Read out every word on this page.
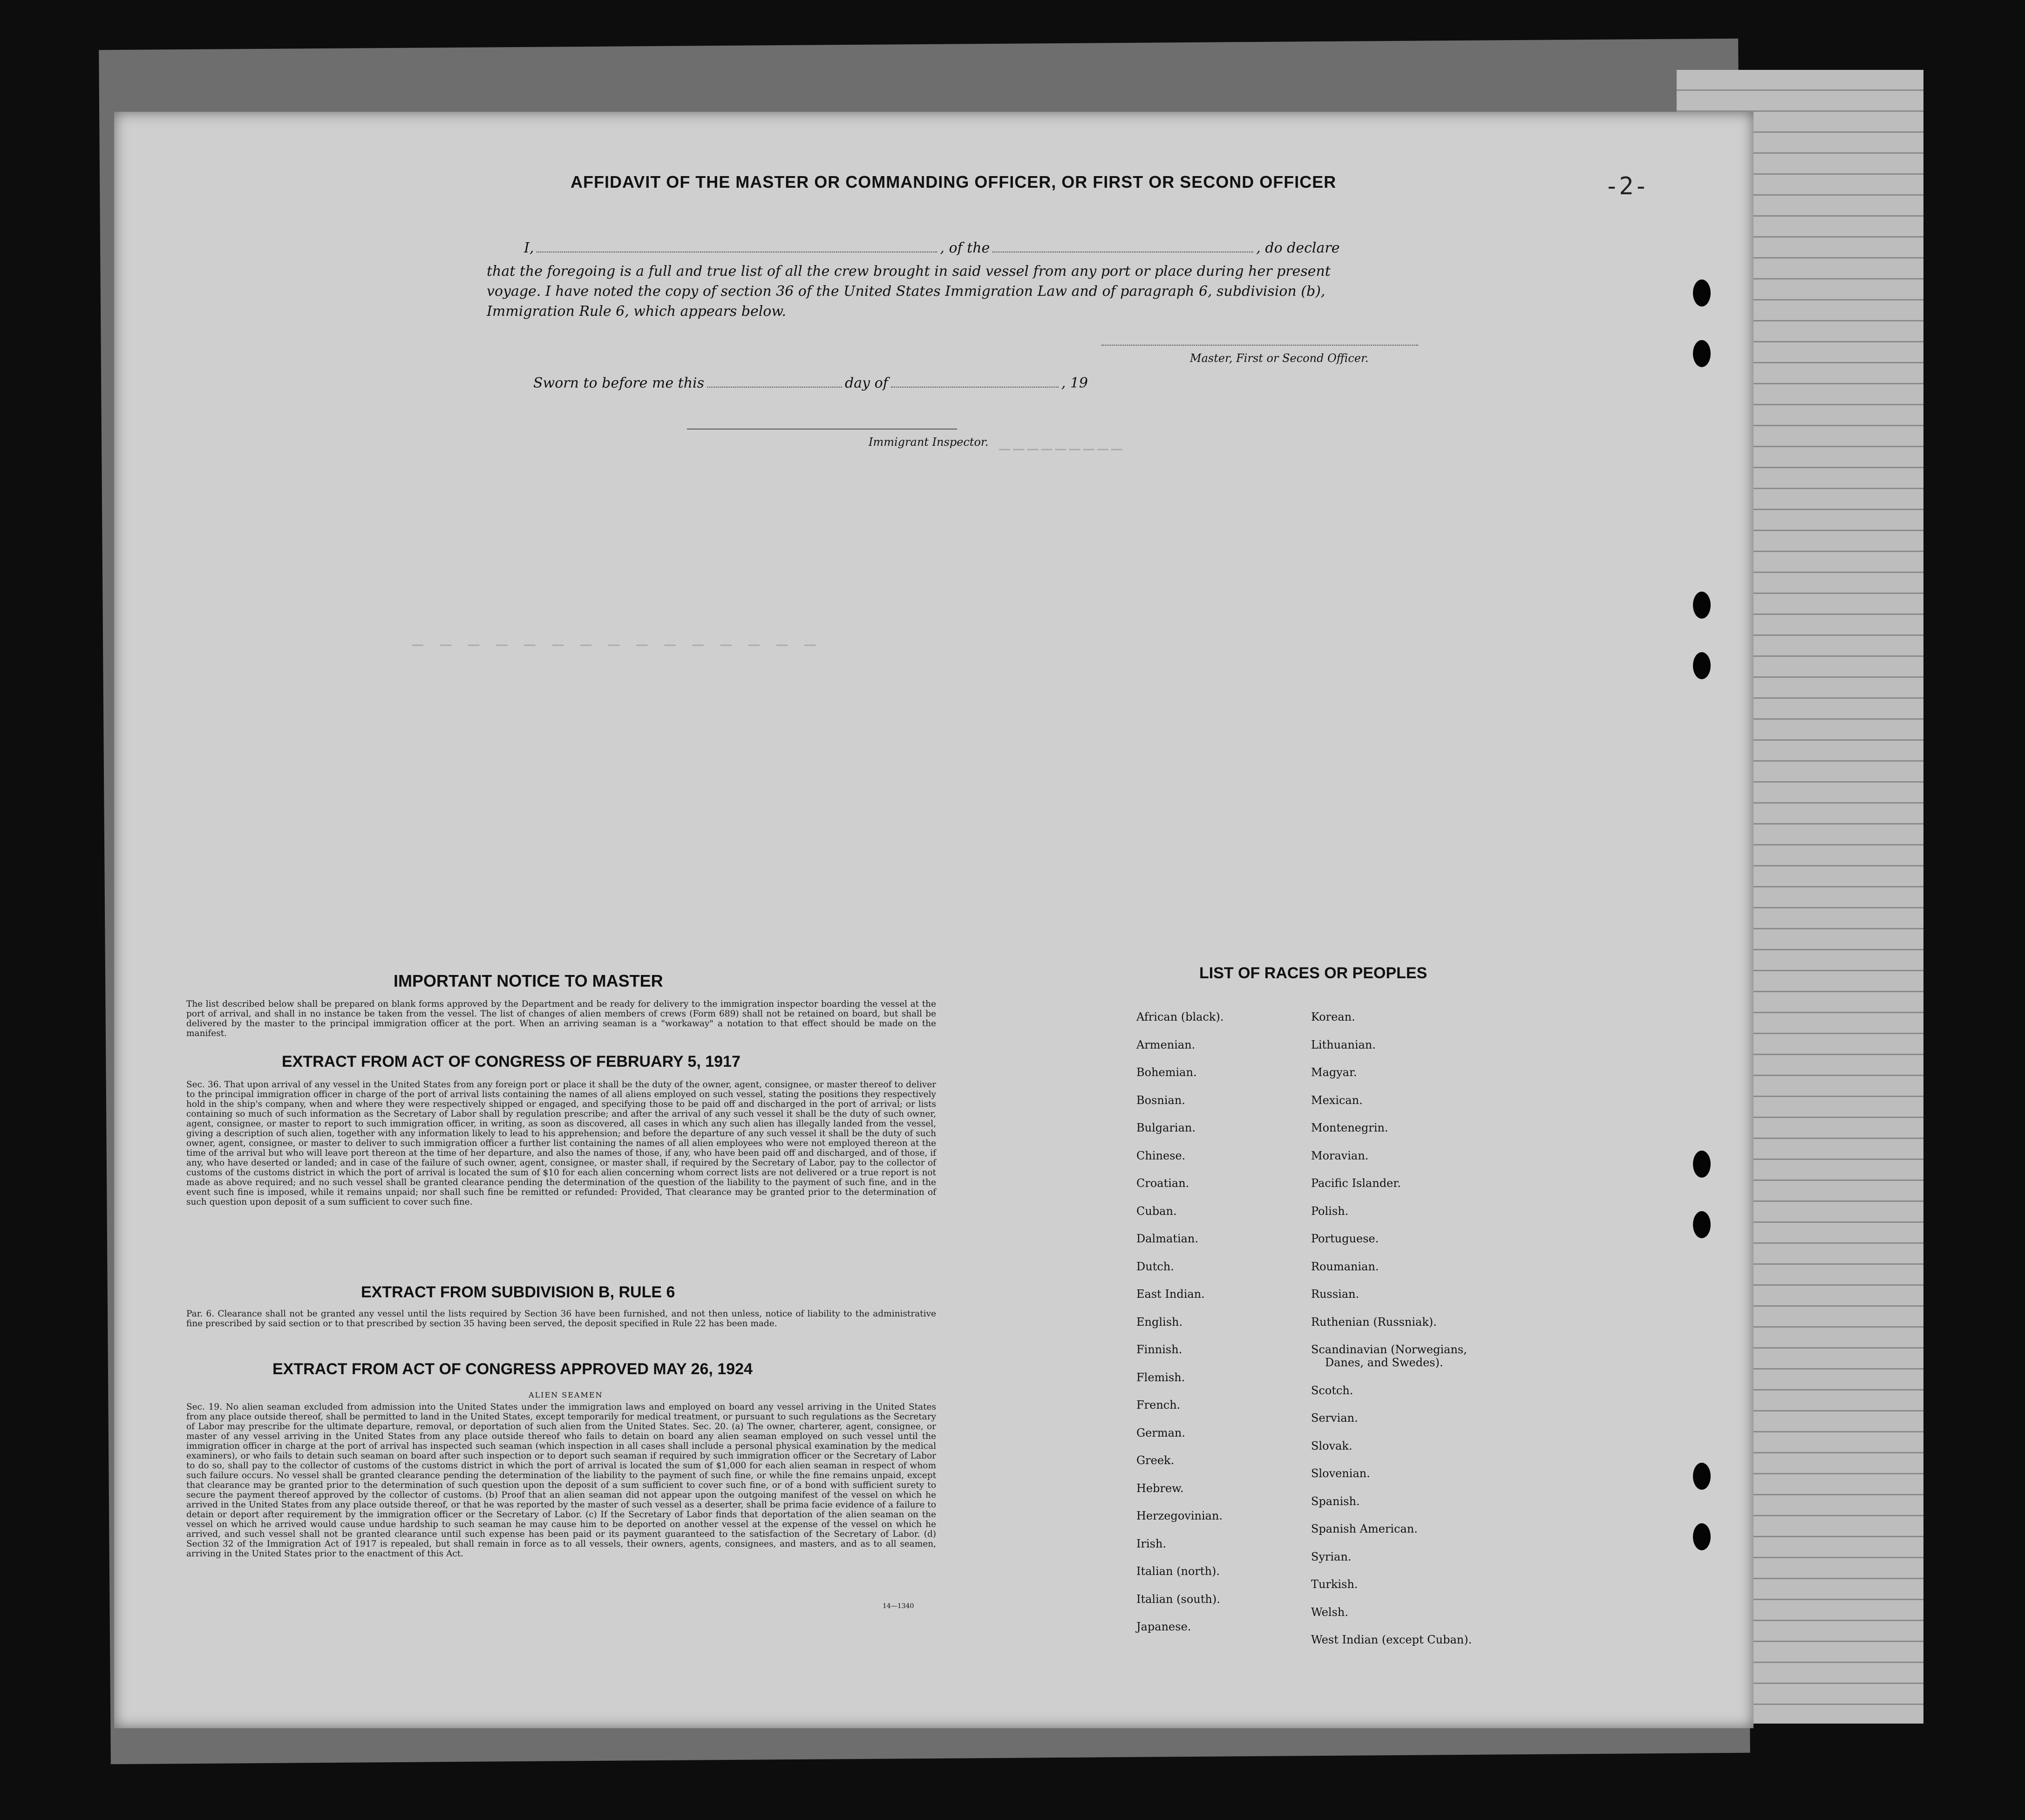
-2-
—————————
— — — — — — — — — — — — — — —
AFFIDAVIT OF THE MASTER OR COMMANDING OFFICER, OR FIRST OR SECOND OFFICER
I,	, of the	, do declare
that the foregoing is a full and true list of all the crew brought in said vessel from any port or place during her present
voyage. I have noted the copy of section 36 of the United States Immigration Law and of paragraph 6, subdivision (b),
Immigration Rule 6, which appears below.
Master, First or Second Officer.
Sworn to before me this	day of	, 19
Immigrant Inspector.
IMPORTANT NOTICE TO MASTER

The list described below shall be prepared on blank forms approved by the Department and be ready for delivery to the immigration inspector boarding the vessel at the port of arrival, and shall in no instance be taken from the vessel. The list of changes of alien members of crews (Form 689) shall not be retained on board, but shall be delivered by the master to the principal immigration officer at the port. When an arriving seaman is a "workaway" a notation to that effect should be made on the manifest.

EXTRACT FROM ACT OF CONGRESS OF FEBRUARY 5, 1917

Sec. 36. That upon arrival of any vessel in the United States from any foreign port or place it shall be the duty of the owner, agent, consignee, or master thereof to deliver to the principal immigration officer in charge of the port of arrival lists containing the names of all aliens employed on such vessel, stating the positions they respectively hold in the ship's company, when and where they were respectively shipped or engaged, and specifying those to be paid off and discharged in the port of arrival; or lists containing so much of such information as the Secretary of Labor shall by regulation prescribe; and after the arrival of any such vessel it shall be the duty of such owner, agent, consignee, or master to report to such immigration officer, in writing, as soon as discovered, all cases in which any such alien has illegally landed from the vessel, giving a description of such alien, together with any information likely to lead to his apprehension; and before the departure of any such vessel it shall be the duty of such owner, agent, consignee, or master to deliver to such immigration officer a further list containing the names of all alien employees who were not employed thereon at the time of the arrival but who will leave port thereon at the time of her departure, and also the names of those, if any, who have been paid off and discharged, and of those, if any, who have deserted or landed; and in case of the failure of such owner, agent, consignee, or master shall, if required by the Secretary of Labor, pay to the collector of customs of the customs district in which the port of arrival is located the sum of $10 for each alien concerning whom correct lists are not delivered or a true report is not made as above required; and no such vessel shall be granted clearance pending the determination of the question of the liability to the payment of such fine, and in the event such fine is imposed, while it remains unpaid; nor shall such fine be remitted or refunded: Provided, That clearance may be granted prior to the determination of such question upon deposit of a sum sufficient to cover such fine.

EXTRACT FROM SUBDIVISION B, RULE 6

Par. 6. Clearance shall not be granted any vessel until the lists required by Section 36 have been furnished, and not then unless, notice of liability to the administrative fine prescribed by said section or to that prescribed by section 35 having been served, the deposit specified in Rule 22 has been made.

EXTRACT FROM ACT OF CONGRESS APPROVED MAY 26, 1924
ALIEN SEAMEN

Sec. 19. No alien seaman excluded from admission into the United States under the immigration laws and employed on board any vessel arriving in the United States from any place outside thereof, shall be permitted to land in the United States, except temporarily for medical treatment, or pursuant to such regulations as the Secretary of Labor may prescribe for the ultimate departure, removal, or deportation of such alien from the United States. Sec. 20. (a) The owner, charterer, agent, consignee, or master of any vessel arriving in the United States from any place outside thereof who fails to detain on board any alien seaman employed on such vessel until the immigration officer in charge at the port of arrival has inspected such seaman (which inspection in all cases shall include a personal physical examination by the medical examiners), or who fails to detain such seaman on board after such inspection or to deport such seaman if required by such immigration officer or the Secretary of Labor to do so, shall pay to the collector of customs of the customs district in which the port of arrival is located the sum of $1,000 for each alien seaman in respect of whom such failure occurs. No vessel shall be granted clearance pending the determination of the liability to the payment of such fine, or while the fine remains unpaid, except that clearance may be granted prior to the determination of such question upon the deposit of a sum sufficient to cover such fine, or of a bond with sufficient surety to secure the payment thereof approved by the collector of customs. (b) Proof that an alien seaman did not appear upon the outgoing manifest of the vessel on which he arrived in the United States from any place outside thereof, or that he was reported by the master of such vessel as a deserter, shall be prima facie evidence of a failure to detain or deport after requirement by the immigration officer or the Secretary of Labor. (c) If the Secretary of Labor finds that deportation of the alien seaman on the vessel on which he arrived would cause undue hardship to such seaman he may cause him to be deported on another vessel at the expense of the vessel on which he arrived, and such vessel shall not be granted clearance until such expense has been paid or its payment guaranteed to the satisfaction of the Secretary of Labor. (d) Section 32 of the Immigration Act of 1917 is repealed, but shall remain in force as to all vessels, their owners, agents, consignees, and masters, and as to all seamen, arriving in the United States prior to the enactment of this Act.

14—1340
LIST OF RACES OR PEOPLES
African (black).
Armenian.
Bohemian.
Bosnian.
Bulgarian.
Chinese.
Croatian.
Cuban.
Dalmatian.
Dutch.
East Indian.
English.
Finnish.
Flemish.
French.
German.
Greek.
Hebrew.
Herzegovinian.
Irish.
Italian (north).
Italian (south).
Japanese.
Korean.
Lithuanian.
Magyar.
Mexican.
Montenegrin.
Moravian.
Pacific Islander.
Polish.
Portuguese.
Roumanian.
Russian.
Ruthenian (Russniak).
Scandinavian (Norwegians,
Danes, and Swedes).
Scotch.
Servian.
Slovak.
Slovenian.
Spanish.
Spanish American.
Syrian.
Turkish.
Welsh.
West Indian (except Cuban).
